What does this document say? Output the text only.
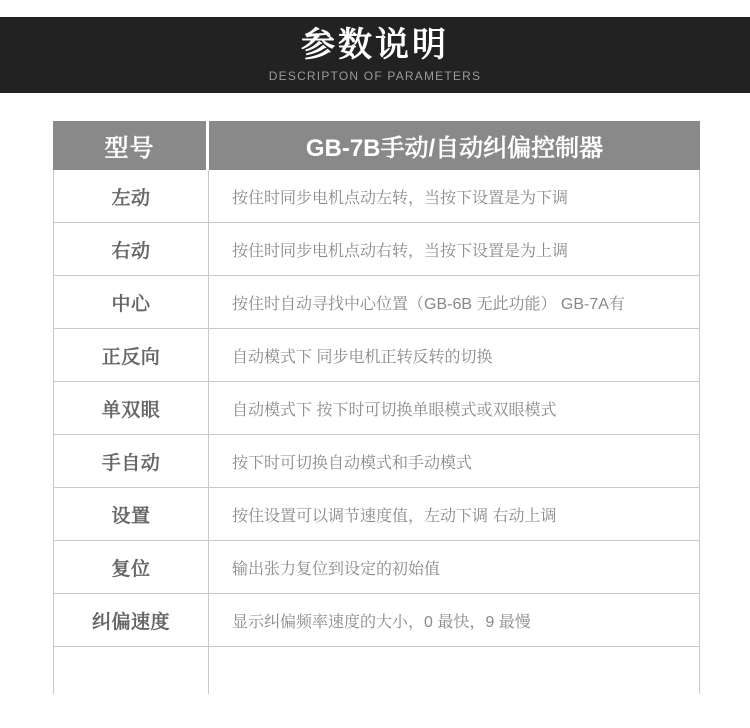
参数说明
DESCRIPTON OF PARAMETERS
型号	GB-7B手动/自动纠偏控制器
左动	按住时同步电机点动左转，当按下设置是为下调
右动	按住时同步电机点动右转，当按下设置是为上调
中心	按住时自动寻找中心位置（GB-6B 无此功能） GB-7A有
正反向	自动模式下 同步电机正转反转的切换
单双眼	自动模式下 按下时可切换单眼模式或双眼模式
手自动	按下时可切换自动模式和手动模式
设置	按住设置可以调节速度值，左动下调 右动上调
复位	输出张力复位到设定的初始值
纠偏速度	显示纠偏频率速度的大小，0 最快，9 最慢
